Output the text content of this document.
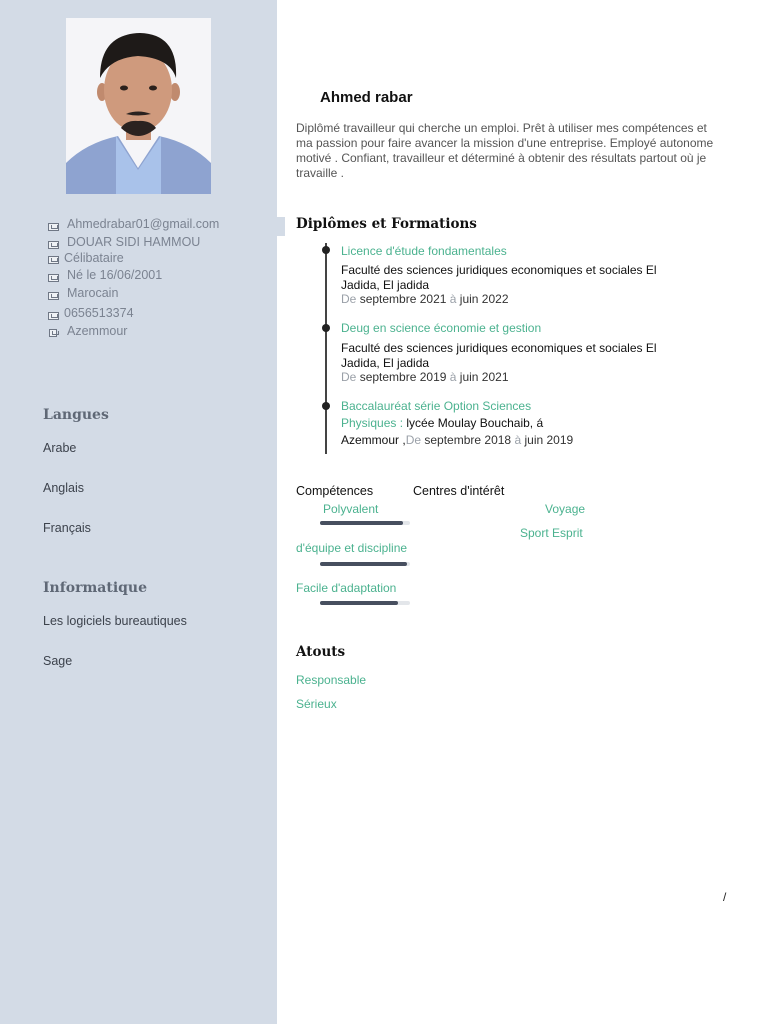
Ahmedrabar01@gmail.com
DOUAR SIDI HAMMOU
Célibataire
Né le 16/06/2001
Marocain
0656513374
Azemmour
Langues
Arabe
Anglais
Français
Informatique
Les logiciels bureautiques
Sage
Ahmed rabar
Diplômé travailleur qui cherche un emploi. Prêt à utiliser mes compétences et ma passion pour faire avancer la mission d'une entreprise. Employé autonome motivé . Confiant, travailleur et déterminé à obtenir des résultats partout où je travaille .
Diplômes et Formations
Licence d'étude fondamentales
Faculté des sciences juridiques economiques et sociales El Jadida, El jadida
De septembre 2021 à juin 2022
Deug en science économie et gestion
Faculté des sciences juridiques economiques et sociales El Jadida, El jadida
De septembre 2019 à juin 2021
Baccalauréat série Option Sciences
Physiques : lycée Moulay Bouchaib, á
Azemmour ,De septembre 2018 à juin 2019
Compétences	Centres d'intérêt
Polyvalent
d'équipe et discipline
Facile d'adaptation
Voyage
Sport Esprit
Atouts
Responsable
Sérieux
/
